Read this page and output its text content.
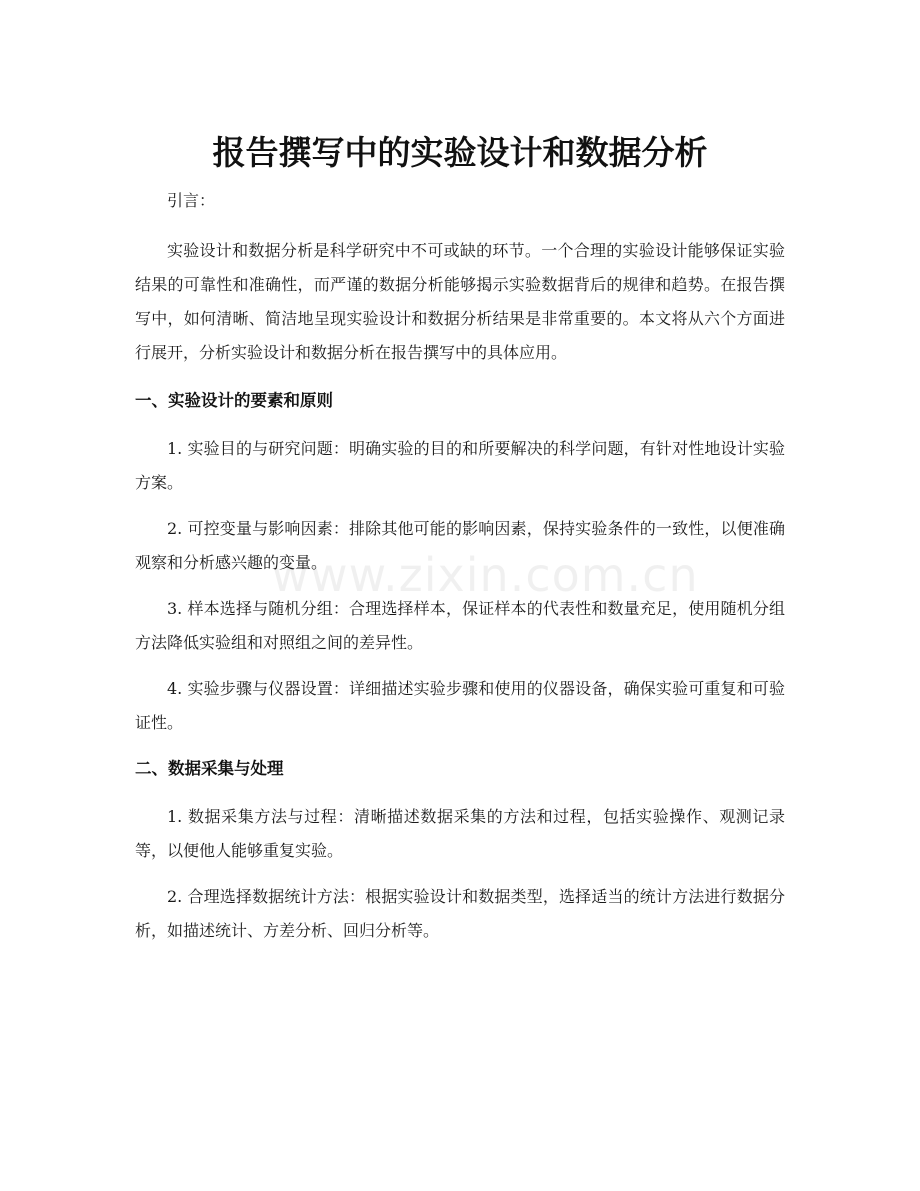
www.zixin.com.cn
报告撰写中的实验设计和数据分析

引言：

实验设计和数据分析是科学研究中不可或缺的环节。一个合理的实验设计能够保证实验结果的可靠性和准确性，而严谨的数据分析能够揭示实验数据背后的规律和趋势。在报告撰写中，如何清晰、简洁地呈现实验设计和数据分析结果是非常重要的。本文将从六个方面进行展开，分析实验设计和数据分析在报告撰写中的具体应用。

一、实验设计的要素和原则

1. 实验目的与研究问题：明确实验的目的和所要解决的科学问题，有针对性地设计实验方案。

2. 可控变量与影响因素：排除其他可能的影响因素，保持实验条件的一致性，以便准确观察和分析感兴趣的变量。

3. 样本选择与随机分组：合理选择样本，保证样本的代表性和数量充足，使用随机分组方法降低实验组和对照组之间的差异性。

4. 实验步骤与仪器设置：详细描述实验步骤和使用的仪器设备，确保实验可重复和可验证性。

二、数据采集与处理

1. 数据采集方法与过程：清晰描述数据采集的方法和过程，包括实验操作、观测记录等，以便他人能够重复实验。

2. 合理选择数据统计方法：根据实验设计和数据类型，选择适当的统计方法进行数据分析，如描述统计、方差分析、回归分析等。
